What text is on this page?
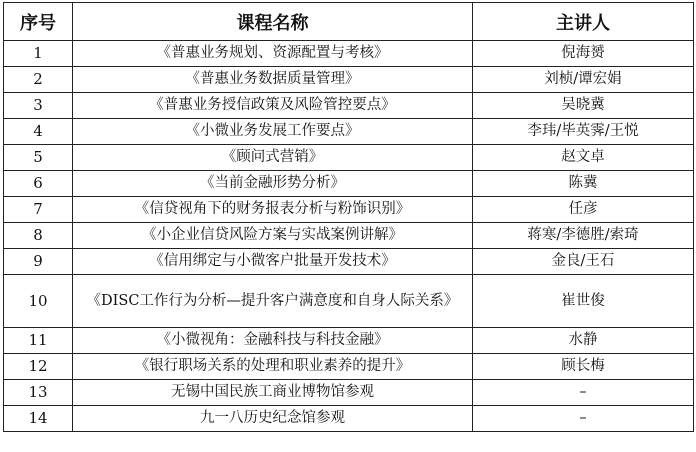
序号	课程名称	主讲人
1	《普惠业务规划、资源配置与考核》	倪海赟
2	《普惠业务数据质量管理》	刘桢/谭宏娟
3	《普惠业务授信政策及风险管控要点》	吴晓冀
4	《小微业务发展工作要点》	李玮/毕英霁/王悦
5	《顾问式营销》	赵文卓
6	《当前金融形势分析》	陈冀
7	《信贷视角下的财务报表分析与粉饰识别》	任彦
8	《小企业信贷风险方案与实战案例讲解》	蒋寒/李德胜/索琦
9	《信用绑定与小微客户批量开发技术》	金良/王石
10	《DISC工作行为分析—提升客户满意度和自身人际关系》	崔世俊
11	《小微视角：金融科技与科技金融》	水静
12	《银行职场关系的处理和职业素养的提升》	顾长梅
13	无锡中国民族工商业博物馆参观	–
14	九一八历史纪念馆参观	–
